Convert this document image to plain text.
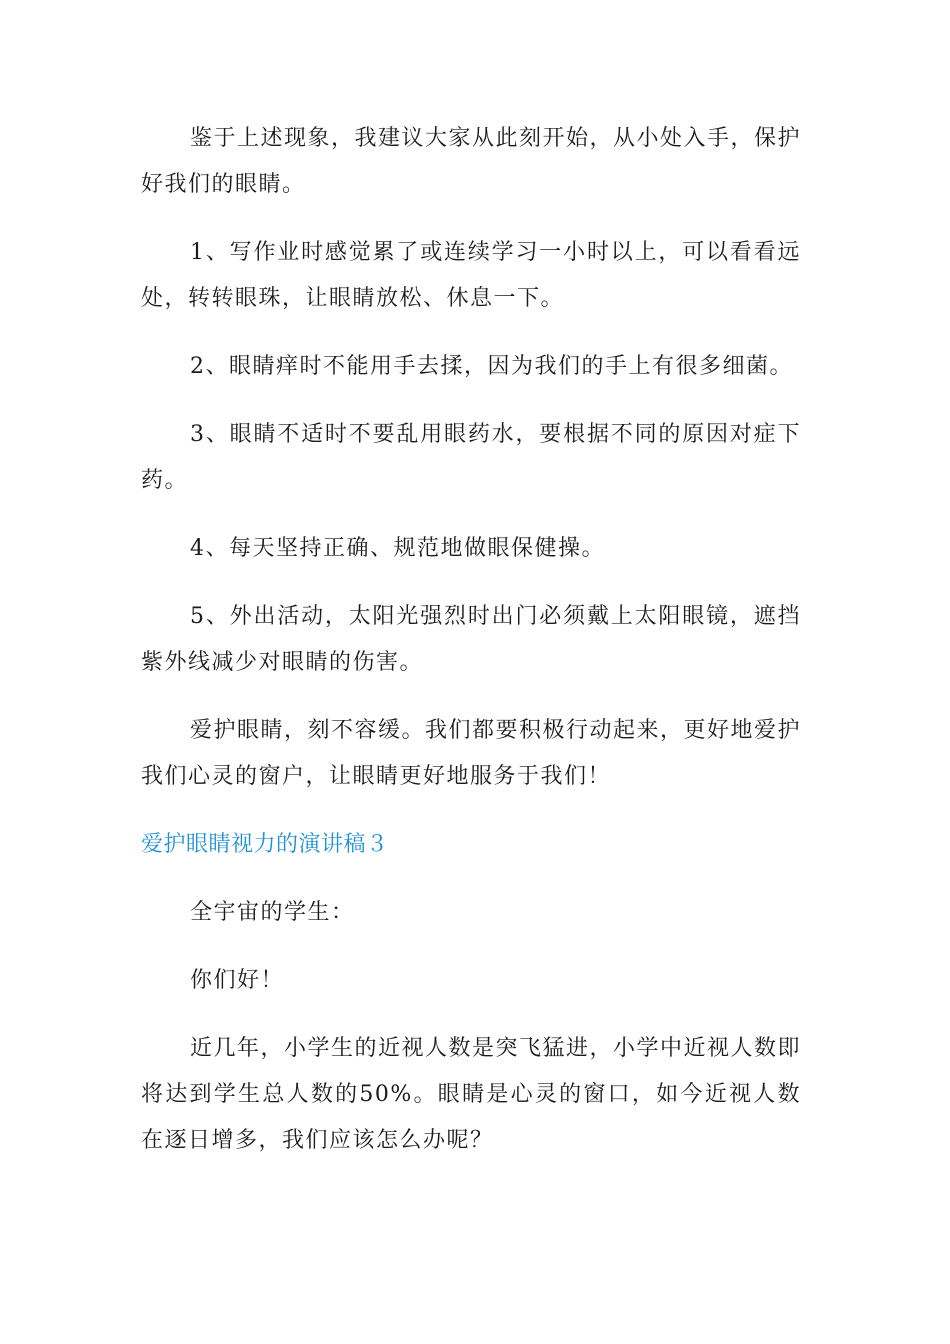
鉴于上述现象，我建议大家从此刻开始，从小处入手，保护好我们的眼睛。

1、写作业时感觉累了或连续学习一小时以上，可以看看远处，转转眼珠，让眼睛放松、休息一下。

2、眼睛痒时不能用手去揉，因为我们的手上有很多细菌。

3、眼睛不适时不要乱用眼药水，要根据不同的原因对症下药。

4、每天坚持正确、规范地做眼保健操。

5、外出活动，太阳光强烈时出门必须戴上太阳眼镜，遮挡紫外线减少对眼睛的伤害。

爱护眼睛，刻不容缓。我们都要积极行动起来，更好地爱护我们心灵的窗户，让眼睛更好地服务于我们！

爱护眼睛视力的演讲稿３

全宇宙的学生：

你们好！

近几年，小学生的近视人数是突飞猛进，小学中近视人数即将达到学生总人数的50%。眼睛是心灵的窗口，如今近视人数在逐日增多，我们应该怎么办呢？
